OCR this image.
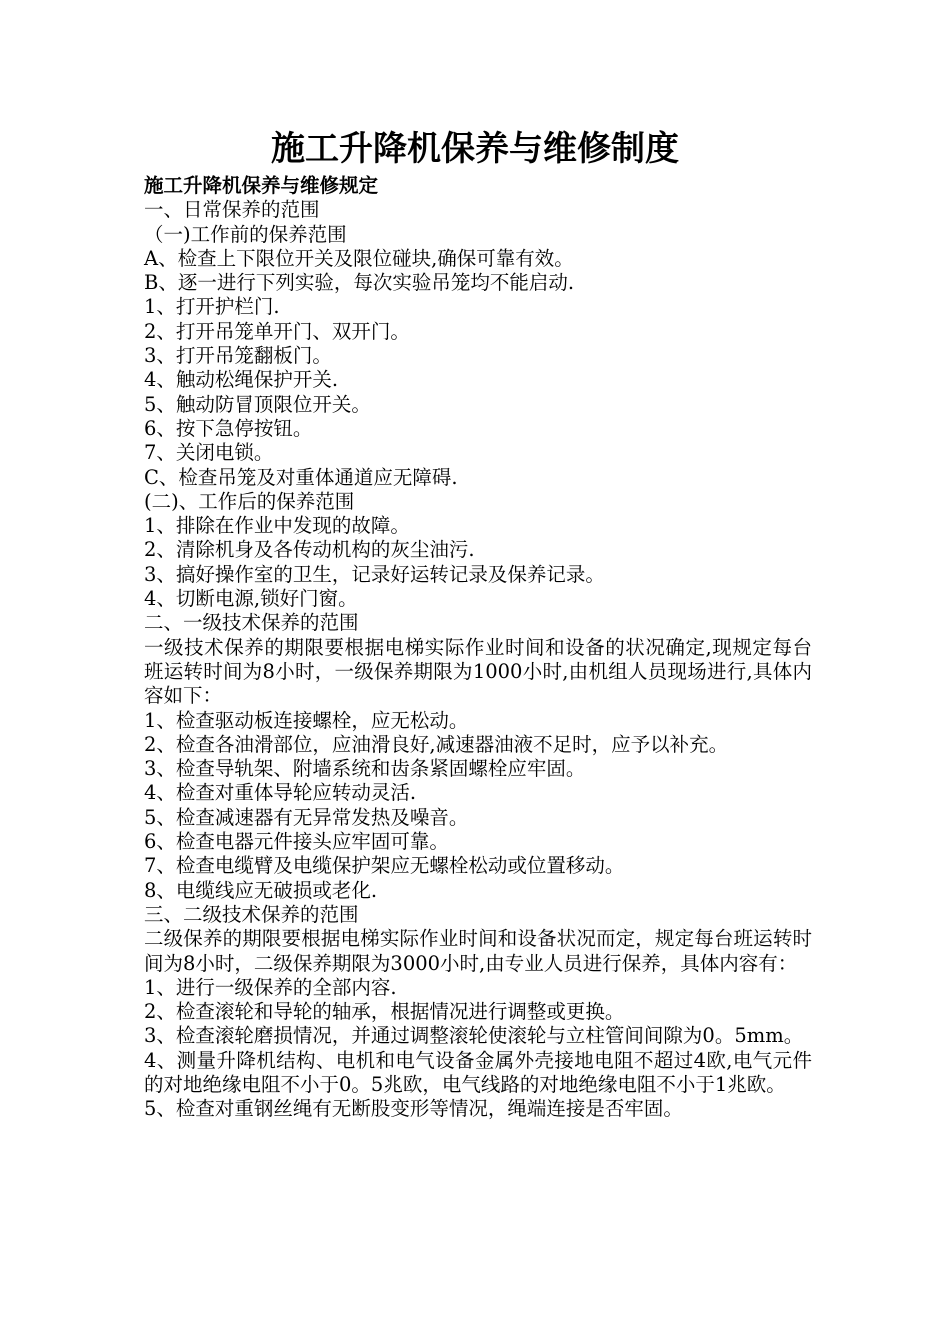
施工升降机保养与维修制度

施工升降机保养与维修规定

一、日常保养的范围

（一)工作前的保养范围

A、检查上下限位开关及限位碰块,确保可靠有效。

B、逐一进行下列实验，每次实验吊笼均不能启动.

1、打开护栏门.

2、打开吊笼单开门、双开门。

3、打开吊笼翻板门。

4、触动松绳保护开关.

5、触动防冒顶限位开关。

6、按下急停按钮。

7、关闭电锁。

C、检查吊笼及对重体通道应无障碍.

(二)、工作后的保养范围

1、排除在作业中发现的故障。

2、清除机身及各传动机构的灰尘油污.

3、搞好操作室的卫生，记录好运转记录及保养记录。

4、切断电源,锁好门窗。

二、一级技术保养的范围

一级技术保养的期限要根据电梯实际作业时间和设备的状况确定,现规定每台班运转时间为8小时，一级保养期限为1000小时,由机组人员现场进行,具体内容如下：

1、检查驱动板连接螺栓，应无松动。

2、检查各油滑部位，应油滑良好,减速器油液不足时，应予以补充。

3、检查导轨架、附墙系统和齿条紧固螺栓应牢固。

4、检查对重体导轮应转动灵活.

5、检查减速器有无异常发热及噪音。

6、检查电器元件接头应牢固可靠。

7、检查电缆臂及电缆保护架应无螺栓松动或位置移动。

8、电缆线应无破损或老化.

三、二级技术保养的范围

二级保养的期限要根据电梯实际作业时间和设备状况而定，规定每台班运转时间为8小时，二级保养期限为3000小时,由专业人员进行保养，具体内容有：

1、进行一级保养的全部内容.

2、检查滚轮和导轮的轴承，根据情况进行调整或更换。

3、检查滚轮磨损情况，并通过调整滚轮使滚轮与立柱管间间隙为0。5mm。

4、测量升降机结构、电机和电气设备金属外壳接地电阻不超过4欧,电气元件的对地绝缘电阻不小于0。5兆欧，电气线路的对地绝缘电阻不小于1兆欧。

5、检查对重钢丝绳有无断股变形等情况，绳端连接是否牢固。
